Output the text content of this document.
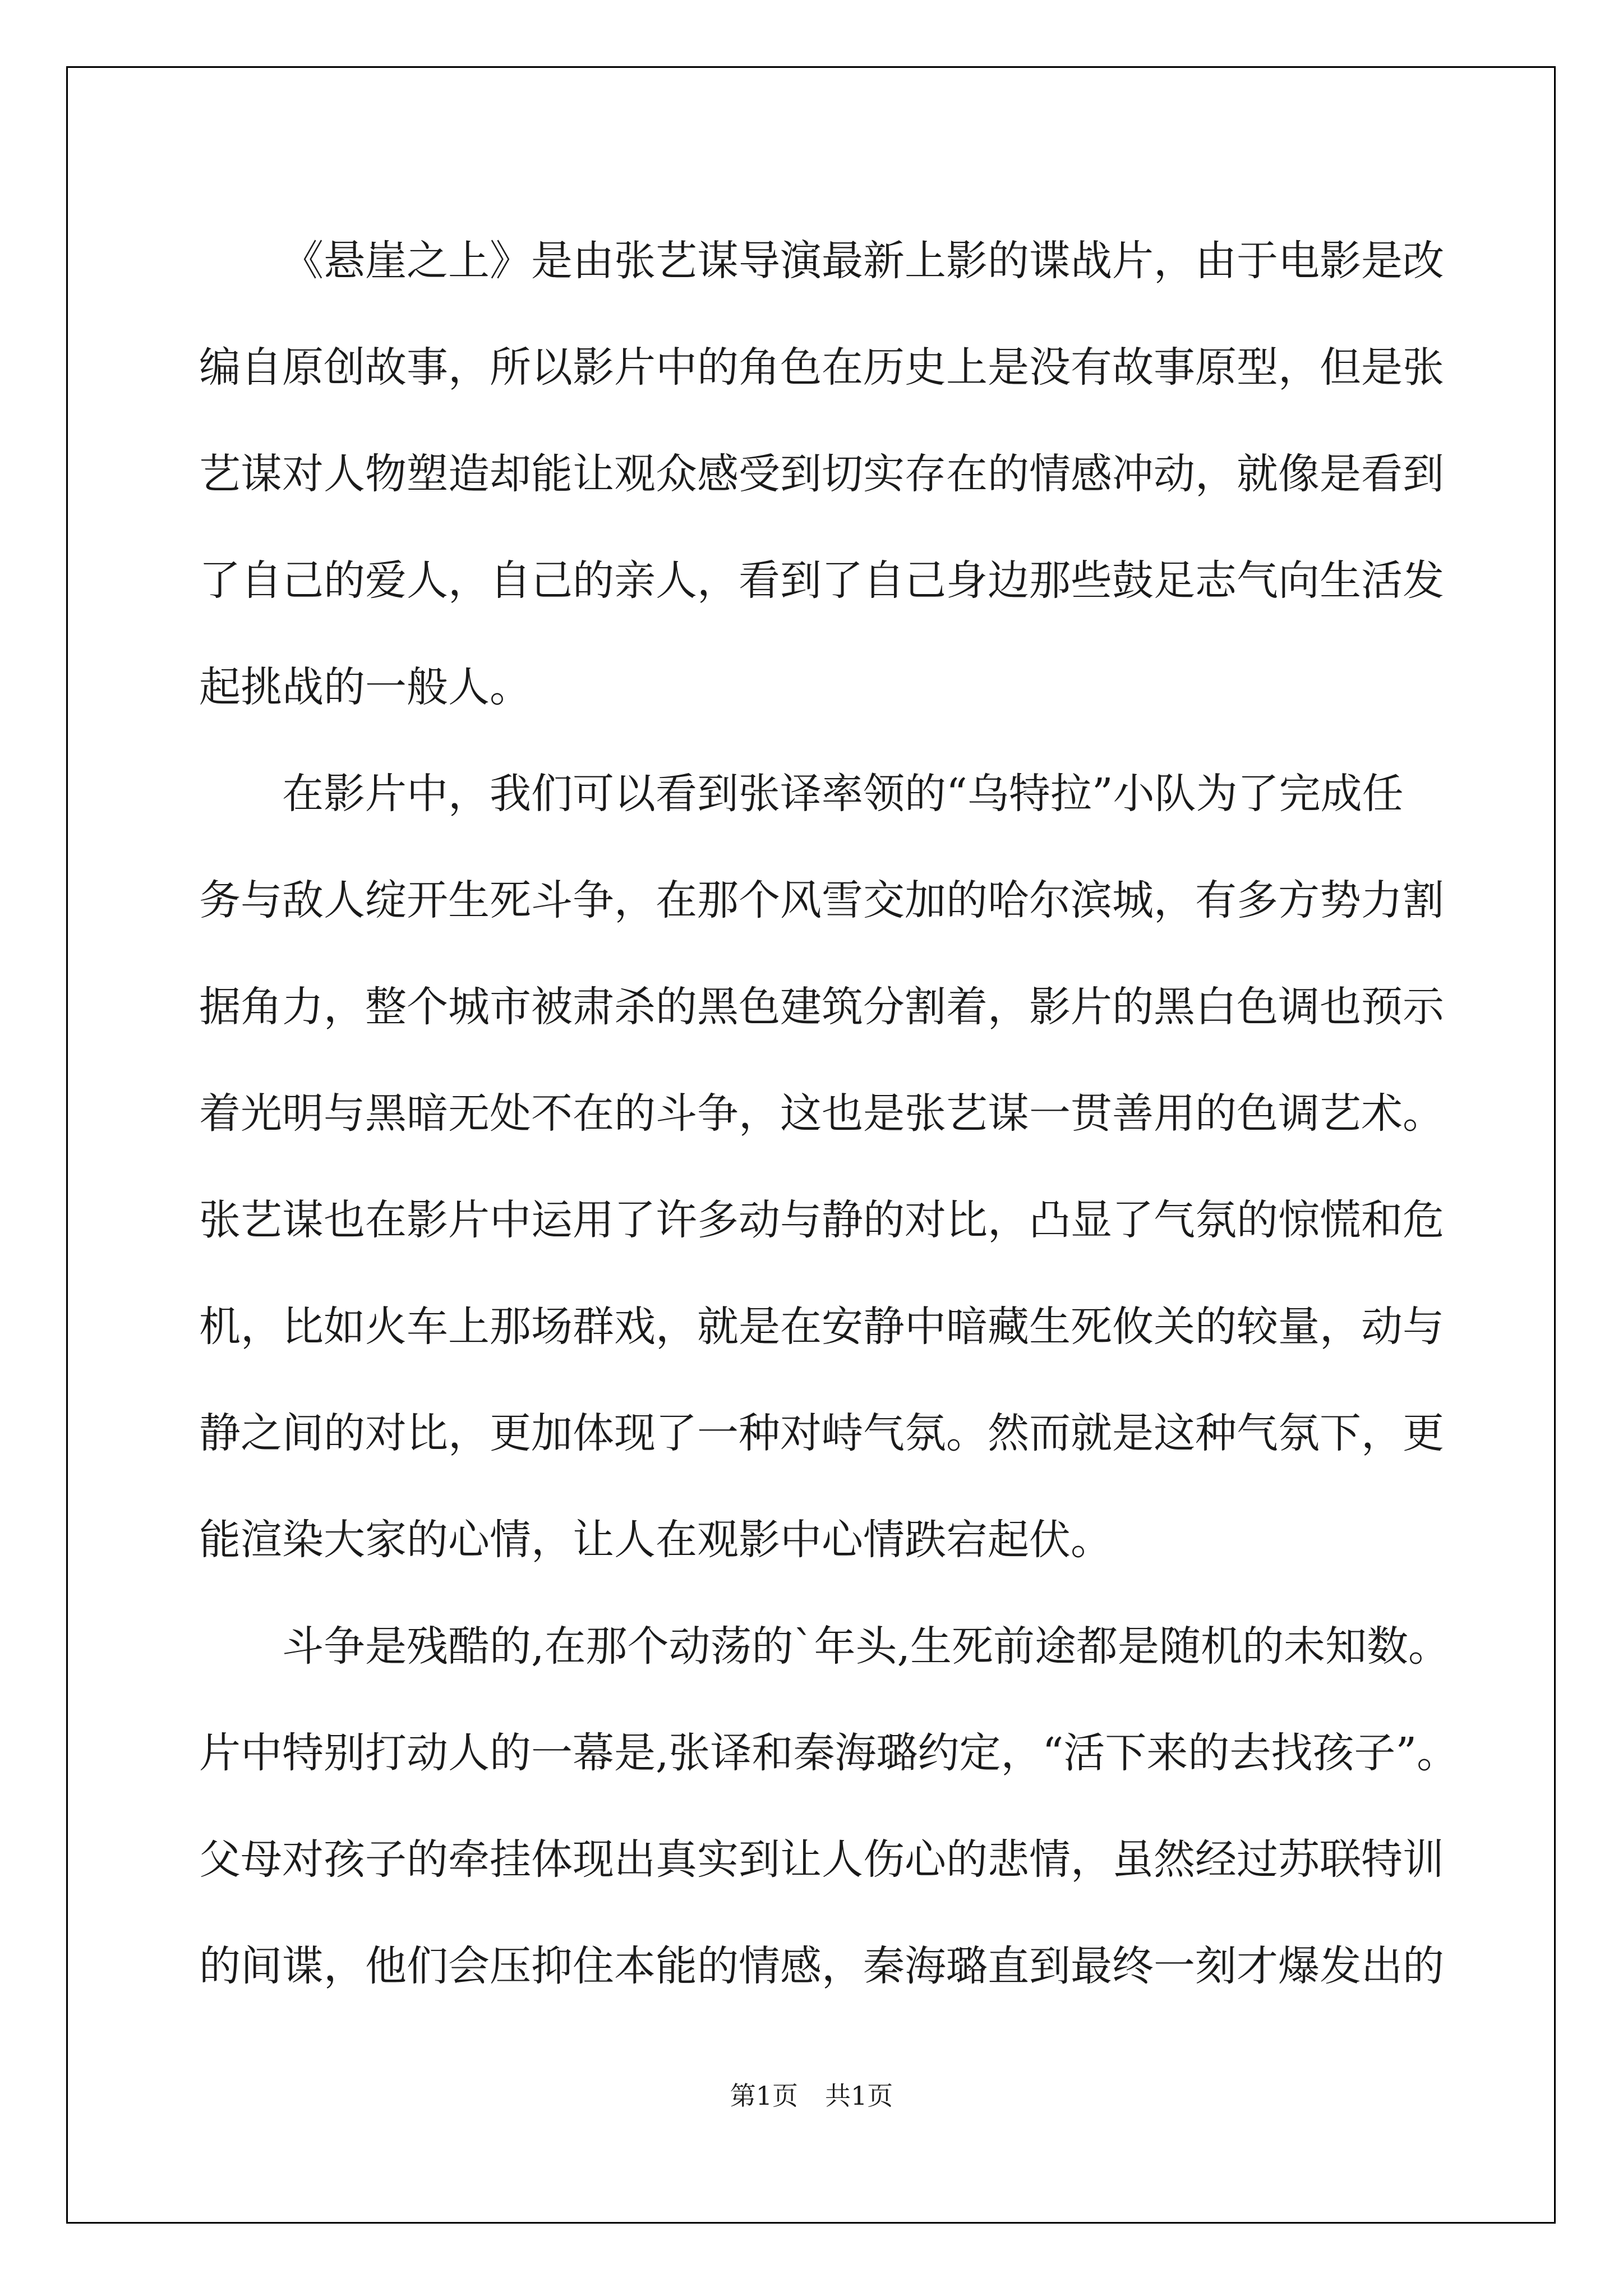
《悬崖之上》是由张艺谋导演最新上影的谍战片，由于电影是改
编自原创故事，所以影片中的角色在历史上是没有故事原型，但是张
艺谋对人物塑造却能让观众感受到切实存在的情感冲动，就像是看到
了自己的爱人，自己的亲人，看到了自己身边那些鼓足志气向生活发
起挑战的一般人。
在影片中，我们可以看到张译率领的“乌特拉”小队为了完成任
务与敌人绽开生死斗争，在那个风雪交加的哈尔滨城，有多方势力割
据角力，整个城市被肃杀的黑色建筑分割着，影片的黑白色调也预示
着光明与黑暗无处不在的斗争，这也是张艺谋一贯善用的色调艺术。
张艺谋也在影片中运用了许多动与静的对比，凸显了气氛的惊慌和危
机，比如火车上那场群戏，就是在安静中暗藏生死攸关的较量，动与
静之间的对比，更加体现了一种对峙气氛。然而就是这种气氛下，更
能渲染大家的心情，让人在观影中心情跌宕起伏。
斗争是残酷的,在那个动荡的`年头,生死前途都是随机的未知数。
片中特别打动人的一幕是,张译和秦海璐约定，“活下来的去找孩子”。
父母对孩子的牵挂体现出真实到让人伤心的悲情，虽然经过苏联特训
的间谍，他们会压抑住本能的情感，秦海璐直到最终一刻才爆发出的
第1页 共1页
